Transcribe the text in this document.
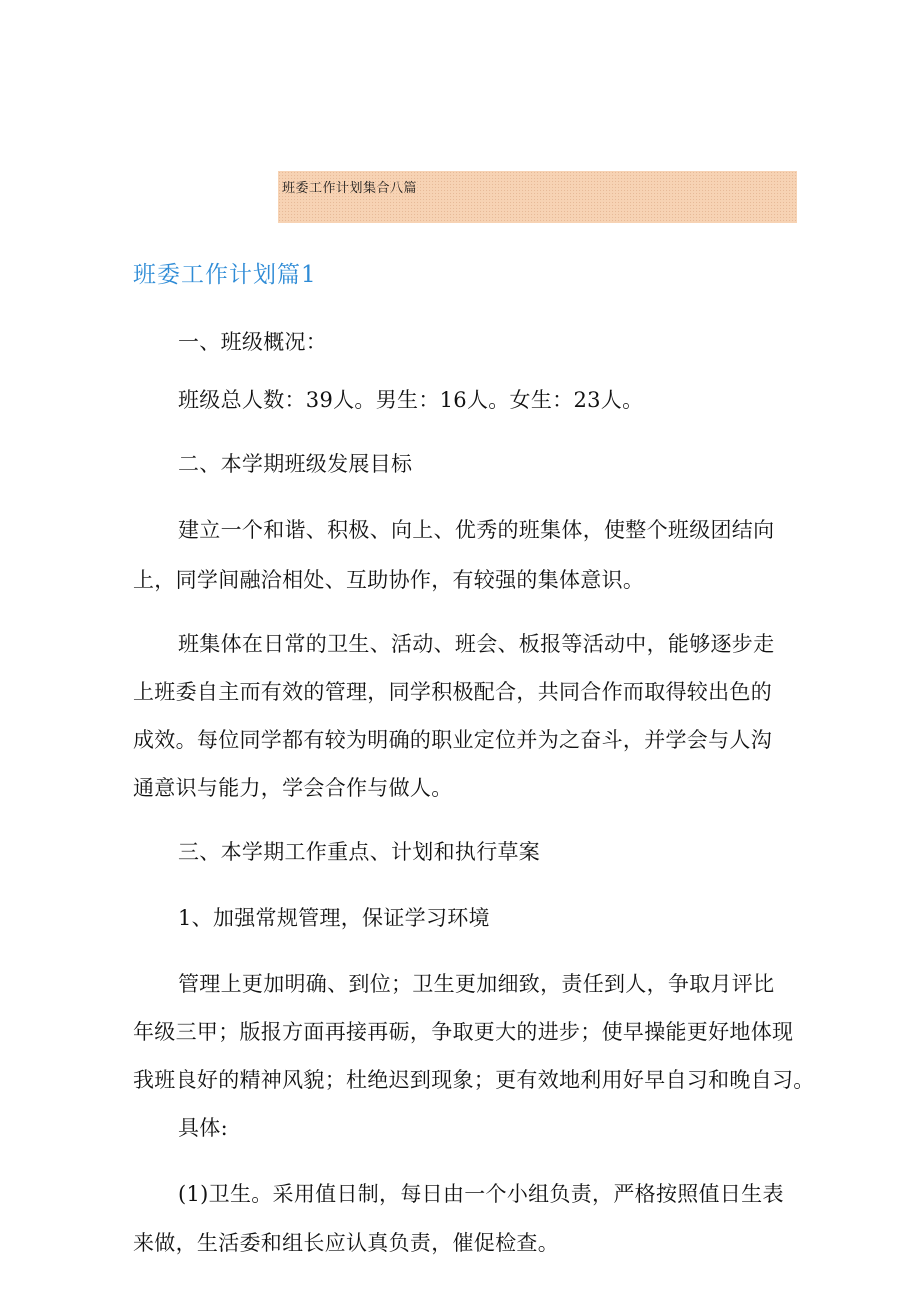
班委工作计划集合八篇
班委工作计划篇1
一、班级概况：
班级总人数：39人。男生：16人。女生：23人。
二、本学期班级发展目标
建立一个和谐、积极、向上、优秀的班集体，使整个班级团结向
上，同学间融洽相处、互助协作，有较强的集体意识。
班集体在日常的卫生、活动、班会、板报等活动中，能够逐步走
上班委自主而有效的管理，同学积极配合，共同合作而取得较出色的
成效。每位同学都有较为明确的职业定位并为之奋斗，并学会与人沟
通意识与能力，学会合作与做人。
三、本学期工作重点、计划和执行草案
1、加强常规管理，保证学习环境
管理上更加明确、到位；卫生更加细致，责任到人，争取月评比
年级三甲；版报方面再接再砺，争取更大的进步；使早操能更好地体现
我班良好的精神风貌；杜绝迟到现象；更有效地利用好早自习和晚自习。
具体:
(1)卫生。采用值日制，每日由一个小组负责，严格按照值日生表
来做，生活委和组长应认真负责，催促检查。
